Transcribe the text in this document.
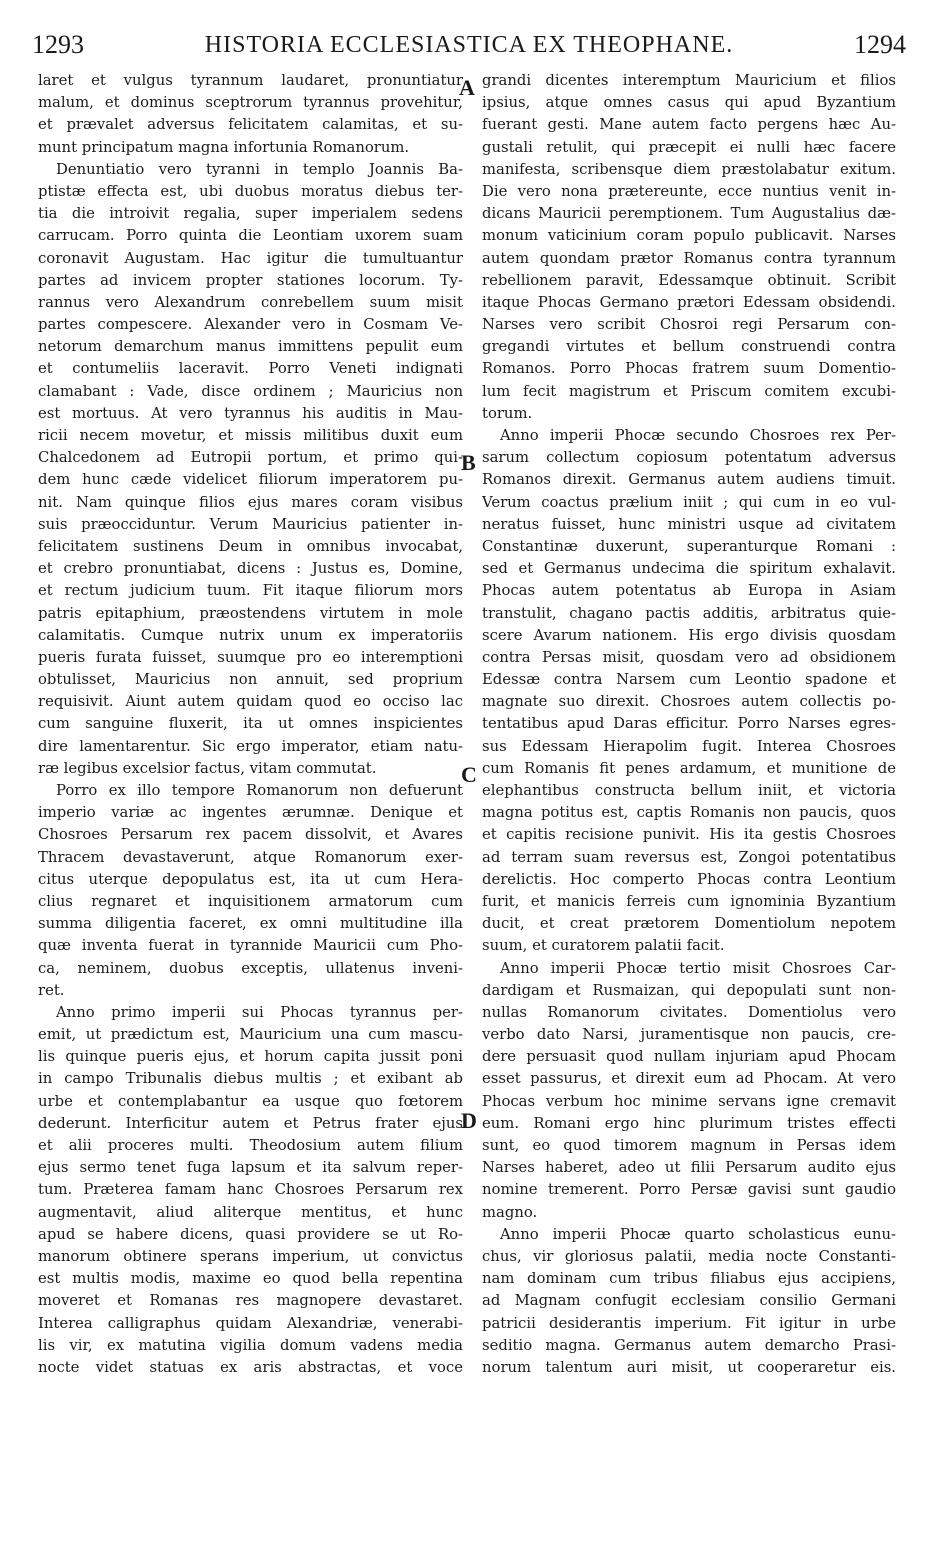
1293	HISTORIA ECCLESIASTICA EX THEOPHANE.	1294
laret et vulgus tyrannum laudaret, pronuntiatur
malum, et dominus sceptrorum tyrannus provehitur,
et prævalet adversus felicitatem calamitas, et su-
munt principatum magna infortunia Romanorum.
Denuntiatio vero tyranni in templo Joannis Ba-
ptistæ effecta est, ubi duobus moratus diebus ter-
tia die introivit regalia, super imperialem sedens
carrucam. Porro quinta die Leontiam uxorem suam
coronavit Augustam. Hac igitur die tumultuantur
partes ad invicem propter stationes locorum. Ty-
rannus vero Alexandrum conrebellem suum misit
partes compescere. Alexander vero in Cosmam Ve-
netorum demarchum manus immittens pepulit eum
et contumeliis laceravit. Porro Veneti indignati
clamabant : Vade, disce ordinem ; Mauricius non
est mortuus. At vero tyrannus his auditis in Mau-
ricii necem movetur, et missis militibus duxit eum
Chalcedonem ad Eutropii portum, et primo qui-
dem hunc cæde videlicet filiorum imperatorem pu-
nit. Nam quinque filios ejus mares coram visibus
suis præocciduntur. Verum Mauricius patienter in-
felicitatem sustinens Deum in omnibus invocabat,
et crebro pronuntiabat, dicens : Justus es, Domine,
et rectum judicium tuum. Fit itaque filiorum mors
patris epitaphium, præostendens virtutem in mole
calamitatis. Cumque nutrix unum ex imperatoriis
pueris furata fuisset, suumque pro eo interemptioni
obtulisset, Mauricius non annuit, sed proprium
requisivit. Aiunt autem quidam quod eo occiso lac
cum sanguine fluxerit, ita ut omnes inspicientes
dire lamentarentur. Sic ergo imperator, etiam natu-
ræ legibus excelsior factus, vitam commutat.
Porro ex illo tempore Romanorum non defuerunt
imperio variæ ac ingentes ærumnæ. Denique et
Chosroes Persarum rex pacem dissolvit, et Avares
Thracem devastaverunt, atque Romanorum exer-
citus uterque depopulatus est, ita ut cum Hera-
clius regnaret et inquisitionem armatorum cum
summa diligentia faceret, ex omni multitudine illa
quæ inventa fuerat in tyrannide Mauricii cum Pho-
ca, neminem, duobus exceptis, ullatenus inveni-
ret.
Anno primo imperii sui Phocas tyrannus per-
emit, ut prædictum est, Mauricium una cum mascu-
lis quinque pueris ejus, et horum capita jussit poni
in campo Tribunalis diebus multis ; et exibant ab
urbe et contemplabantur ea usque quo fœtorem
dederunt. Interficitur autem et Petrus frater ejus
et alii proceres multi. Theodosium autem filium
ejus sermo tenet fuga lapsum et ita salvum reper-
tum. Præterea famam hanc Chosroes Persarum rex
augmentavit, aliud aliterque mentitus, et hunc
apud se habere dicens, quasi providere se ut Ro-
manorum obtinere sperans imperium, ut convictus
est multis modis, maxime eo quod bella repentina
moveret et Romanas res magnopere devastaret.
Interea calligraphus quidam Alexandriæ, venerabi-
lis vir, ex matutina vigilia domum vadens media
nocte videt statuas ex aris abstractas, et voce
grandi dicentes interemptum Mauricium et filios
ipsius, atque omnes casus qui apud Byzantium
fuerant gesti. Mane autem facto pergens hæc Au-
gustali retulit, qui præcepit ei nulli hæc facere
manifesta, scribensque diem præstolabatur exitum.
Die vero nona prætereunte, ecce nuntius venit in-
dicans Mauricii peremptionem. Tum Augustalius dæ-
monum vaticinium coram populo publicavit. Narses
autem quondam prætor Romanus contra tyrannum
rebellionem paravit, Edessamque obtinuit. Scribit
itaque Phocas Germano prætori Edessam obsidendi.
Narses vero scribit Chosroi regi Persarum con-
gregandi virtutes et bellum construendi contra
Romanos. Porro Phocas fratrem suum Domentio-
lum fecit magistrum et Priscum comitem excubi-
torum.
Anno imperii Phocæ secundo Chosroes rex Per-
sarum collectum copiosum potentatum adversus
Romanos direxit. Germanus autem audiens timuit.
Verum coactus prælium iniit ; qui cum in eo vul-
neratus fuisset, hunc ministri usque ad civitatem
Constantinæ duxerunt, superanturque Romani :
sed et Germanus undecima die spiritum exhalavit.
Phocas autem potentatus ab Europa in Asiam
transtulit, chagano pactis additis, arbitratus quie-
scere Avarum nationem. His ergo divisis quosdam
contra Persas misit, quosdam vero ad obsidionem
Edessæ contra Narsem cum Leontio spadone et
magnate suo direxit. Chosroes autem collectis po-
tentatibus apud Daras efficitur. Porro Narses egres-
sus Edessam Hierapolim fugit. Interea Chosroes
cum Romanis fit penes ardamum, et munitione de
elephantibus constructa bellum iniit, et victoria
magna potitus est, captis Romanis non paucis, quos
et capitis recisione punivit. His ita gestis Chosroes
ad terram suam reversus est, Zongoi potentatibus
derelictis. Hoc comperto Phocas contra Leontium
furit, et manicis ferreis cum ignominia Byzantium
ducit, et creat prætorem Domentiolum nepotem
suum, et curatorem palatii facit.
Anno imperii Phocæ tertio misit Chosroes Car-
dardigam et Rusmaizan, qui depopulati sunt non-
nullas Romanorum civitates. Domentiolus vero
verbo dato Narsi, juramentisque non paucis, cre-
dere persuasit quod nullam injuriam apud Phocam
esset passurus, et direxit eum ad Phocam. At vero
Phocas verbum hoc minime servans igne cremavit
eum. Romani ergo hinc plurimum tristes effecti
sunt, eo quod timorem magnum in Persas idem
Narses haberet, adeo ut filii Persarum audito ejus
nomine tremerent. Porro Persæ gavisi sunt gaudio
magno.
Anno imperii Phocæ quarto scholasticus eunu-
chus, vir gloriosus palatii, media nocte Constanti-
nam dominam cum tribus filiabus ejus accipiens,
ad Magnam confugit ecclesiam consilio Germani
patricii desiderantis imperium. Fit igitur in urbe
seditio magna. Germanus autem demarcho Prasi-
norum talentum auri misit, ut cooperaretur eis.
A
B
C
D
